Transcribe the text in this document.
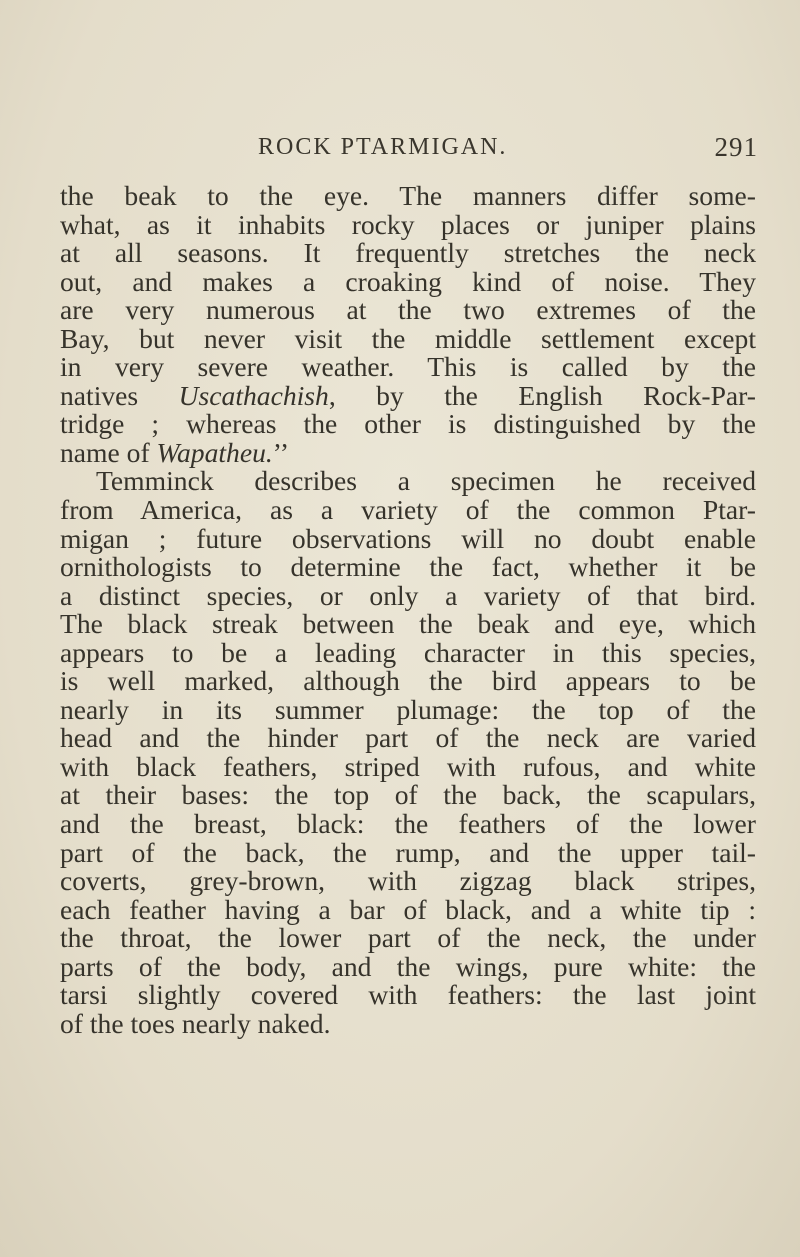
ROCK PTARMIGAN.	291

the beak to the eye. The manners differ some-
what, as it inhabits rocky places or juniper plains
at all seasons. It frequently stretches the neck
out, and makes a croaking kind of noise. They
are very numerous at the two extremes of the
Bay, but never visit the middle settlement except
in very severe weather. This is called by the
natives Uscathachish, by the English Rock-Par-
tridge ; whereas the other is distinguished by the
name of Wapatheu.’’

Temminck describes a specimen he received
from America, as a variety of the common Ptar-
migan ; future observations will no doubt enable
ornithologists to determine the fact, whether it be
a distinct species, or only a variety of that bird.
The black streak between the beak and eye, which
appears to be a leading character in this species,
is well marked, although the bird appears to be
nearly in its summer plumage: the top of the
head and the hinder part of the neck are varied
with black feathers, striped with rufous, and white
at their bases: the top of the back, the scapulars,
and the breast, black: the feathers of the lower
part of the back, the rump, and the upper tail-
coverts, grey-brown, with zigzag black stripes,
each feather having a bar of black, and a white tip :
the throat, the lower part of the neck, the under
parts of the body, and the wings, pure white: the
tarsi slightly covered with feathers: the last joint
of the toes nearly naked.
